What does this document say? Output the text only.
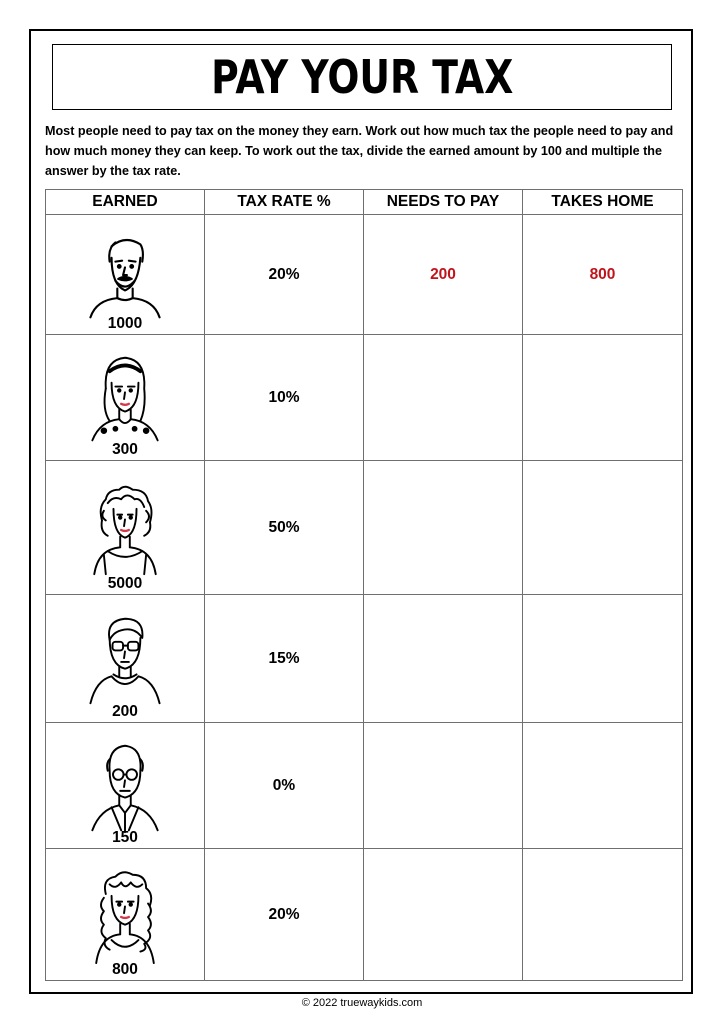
PAY YOUR TAX
Most people need to pay tax on the money they earn. Work out how much tax the people need to pay and how much money they can keep. To work out the tax, divide the earned amount by 100 and multiple the answer by the tax rate.
EARNED	TAX RATE %	NEEDS TO PAY	TAKES HOME

1000	20%	200	800

300	10%		

5000	50%		

200	15%		

150	0%		

800	20%		
© 2022 truewaykids.com
